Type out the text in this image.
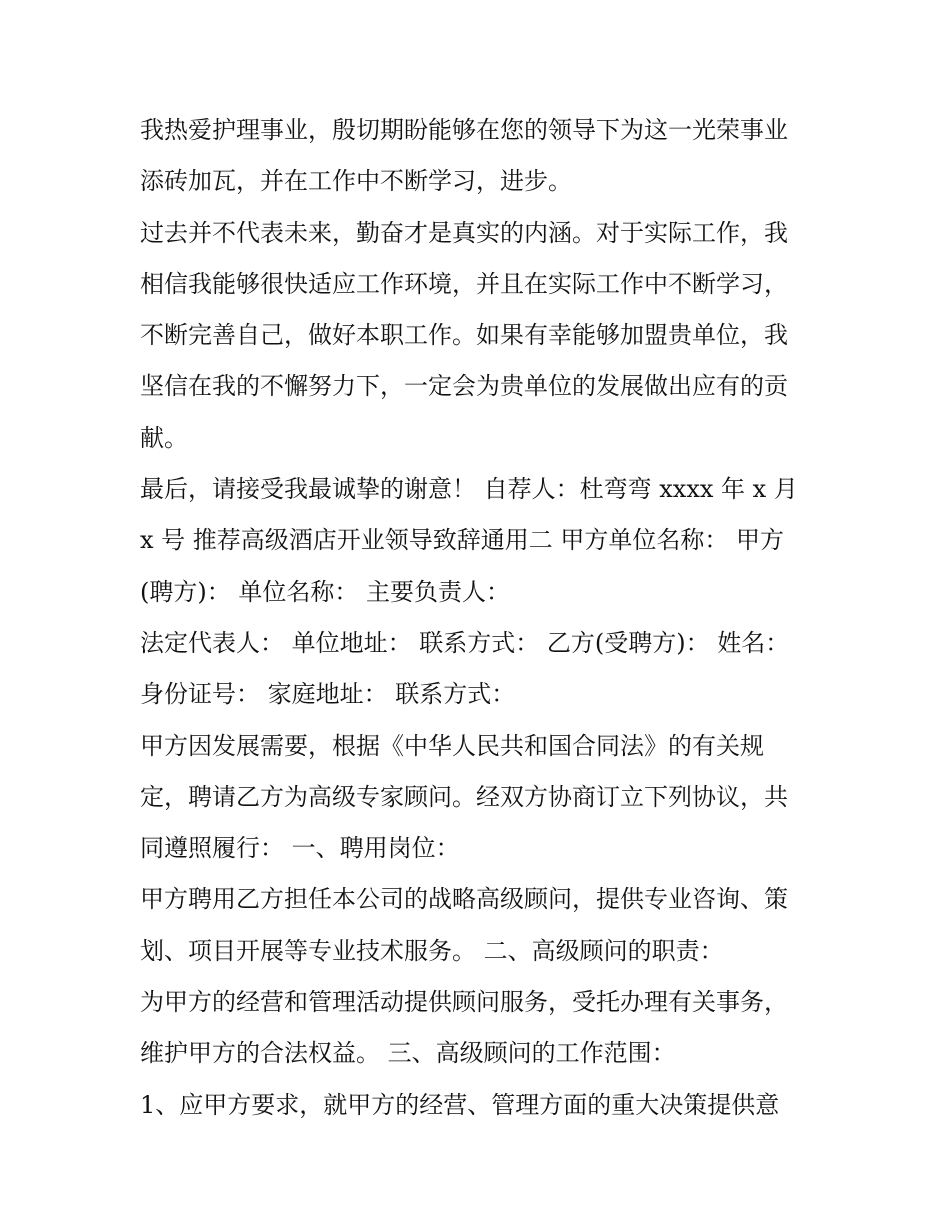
我热爱护理事业，殷切期盼能够在您的领导下为这一光荣事业
添砖加瓦，并在工作中不断学习，进步。
过去并不代表未来，勤奋才是真实的内涵。对于实际工作，我
相信我能够很快适应工作环境，并且在实际工作中不断学习，
不断完善自己，做好本职工作。如果有幸能够加盟贵单位，我
坚信在我的不懈努力下，一定会为贵单位的发展做出应有的贡
献。
最后，请接受我最诚挚的谢意！ 自荐人：杜弯弯 xxxx 年 x 月
x 号 推荐高级酒店开业领导致辞通用二 甲方单位名称： 甲方
(聘方)： 单位名称： 主要负责人：
法定代表人： 单位地址： 联系方式： 乙方(受聘方)： 姓名：
身份证号： 家庭地址： 联系方式：
甲方因发展需要，根据《中华人民共和国合同法》的有关规
定，聘请乙方为高级专家顾问。经双方协商订立下列协议，共
同遵照履行： 一、聘用岗位：
甲方聘用乙方担任本公司的战略高级顾问，提供专业咨询、策
划、项目开展等专业技术服务。 二、高级顾问的职责：
为甲方的经营和管理活动提供顾问服务，受托办理有关事务，
维护甲方的合法权益。 三、高级顾问的工作范围：
1、应甲方要求，就甲方的经营、管理方面的重大决策提供意
